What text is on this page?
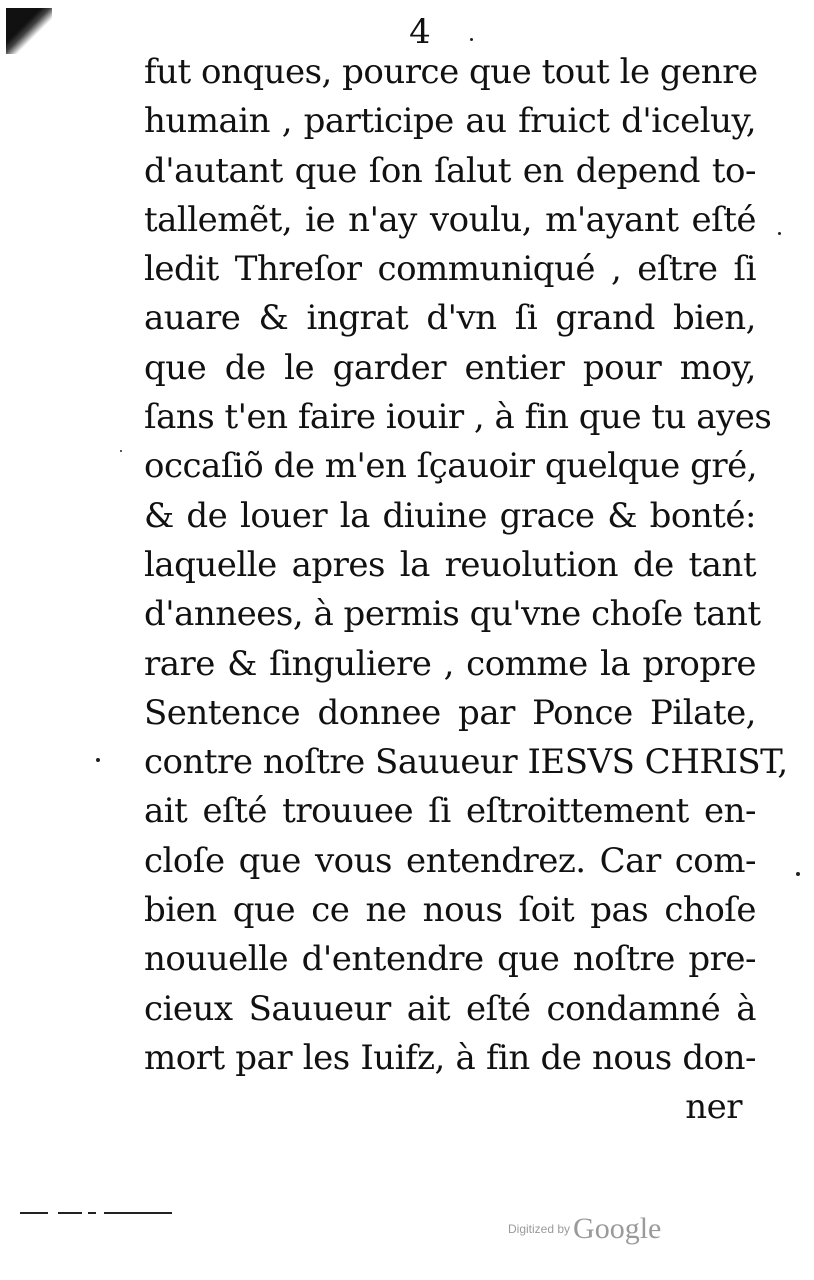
4
fut onques, pource que tout le genre
humain , participe au fruict d'iceluy,
d'autant que ſon ſalut en depend to-
tallemẽt, ie n'ay voulu, m'ayant eſté
ledit Threſor communiqué , eſtre ſi
auare & ingrat d'vn ſi grand bien,
que de le garder entier pour moy,
ſans t'en faire iouir , à fin que tu ayes
occaſiõ de m'en ſçauoir quelque gré,
& de louer la diuine grace & bonté:
laquelle apres la reuolution de tant
d'annees, à permis qu'vne choſe tant
rare & ſinguliere , comme la propre
Sentence donnee par Ponce Pilate,
contre noſtre Sauueur IESVS CHRIST,
ait eſté trouuee ſi eſtroittement en-
cloſe que vous entendrez. Car com-
bien que ce ne nous ſoit pas choſe
nouuelle d'entendre que noſtre pre-
cieux Sauueur ait eſté condamné à
mort par les Iuifz, à fin de nous don-
ner
Digitized by Google
